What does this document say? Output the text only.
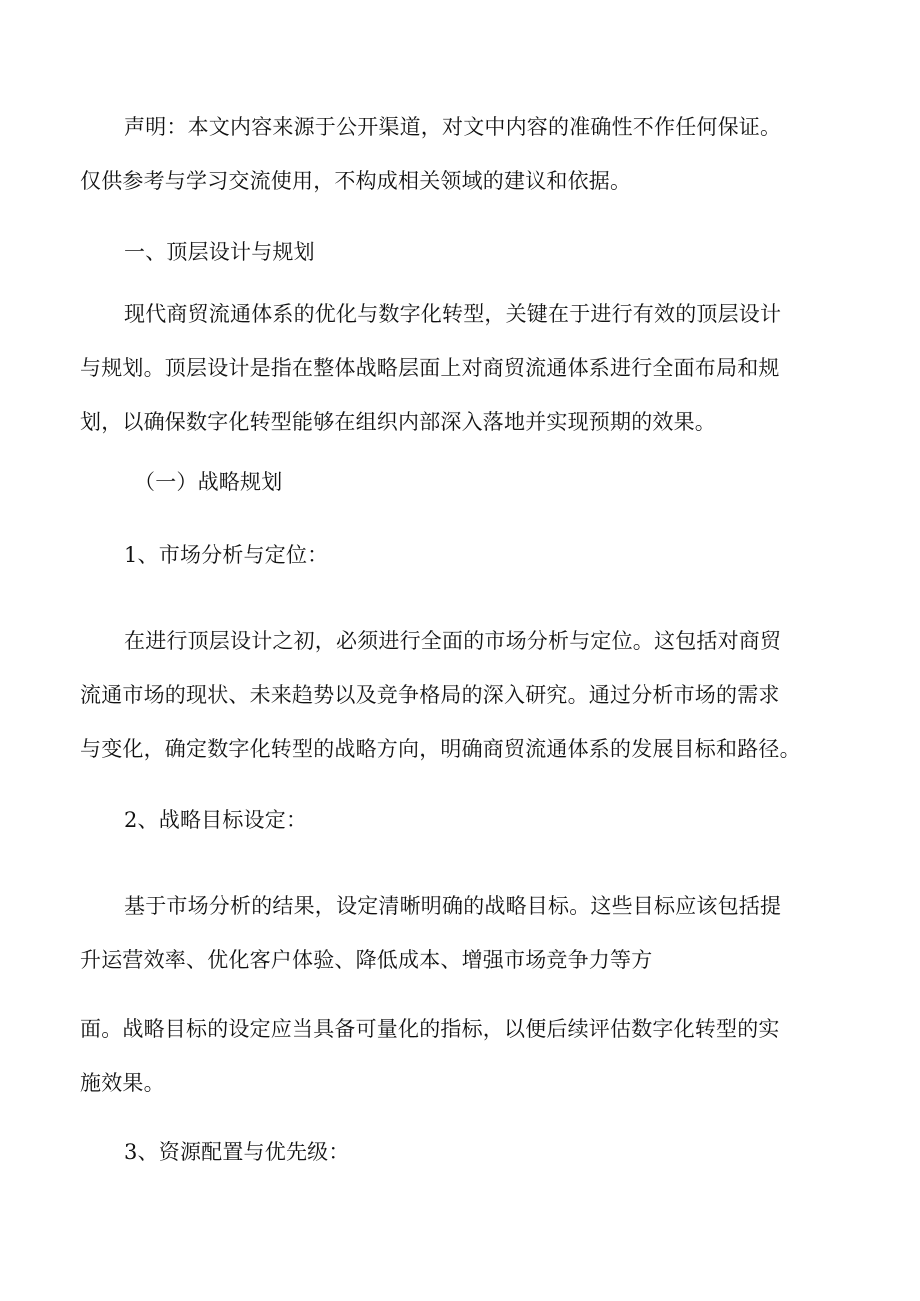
声明：本文内容来源于公开渠道，对文中内容的准确性不作任何保证。
仅供参考与学习交流使用，不构成相关领域的建议和依据。
一、顶层设计与规划
现代商贸流通体系的优化与数字化转型，关键在于进行有效的顶层设计
与规划。顶层设计是指在整体战略层面上对商贸流通体系进行全面布局和规
划，以确保数字化转型能够在组织内部深入落地并实现预期的效果。
（一）战略规划
1、市场分析与定位：
在进行顶层设计之初，必须进行全面的市场分析与定位。这包括对商贸
流通市场的现状、未来趋势以及竞争格局的深入研究。通过分析市场的需求
与变化，确定数字化转型的战略方向，明确商贸流通体系的发展目标和路径。
2、战略目标设定：
基于市场分析的结果，设定清晰明确的战略目标。这些目标应该包括提
升运营效率、优化客户体验、降低成本、增强市场竞争力等方
面。战略目标的设定应当具备可量化的指标，以便后续评估数字化转型的实
施效果。
3、资源配置与优先级：
